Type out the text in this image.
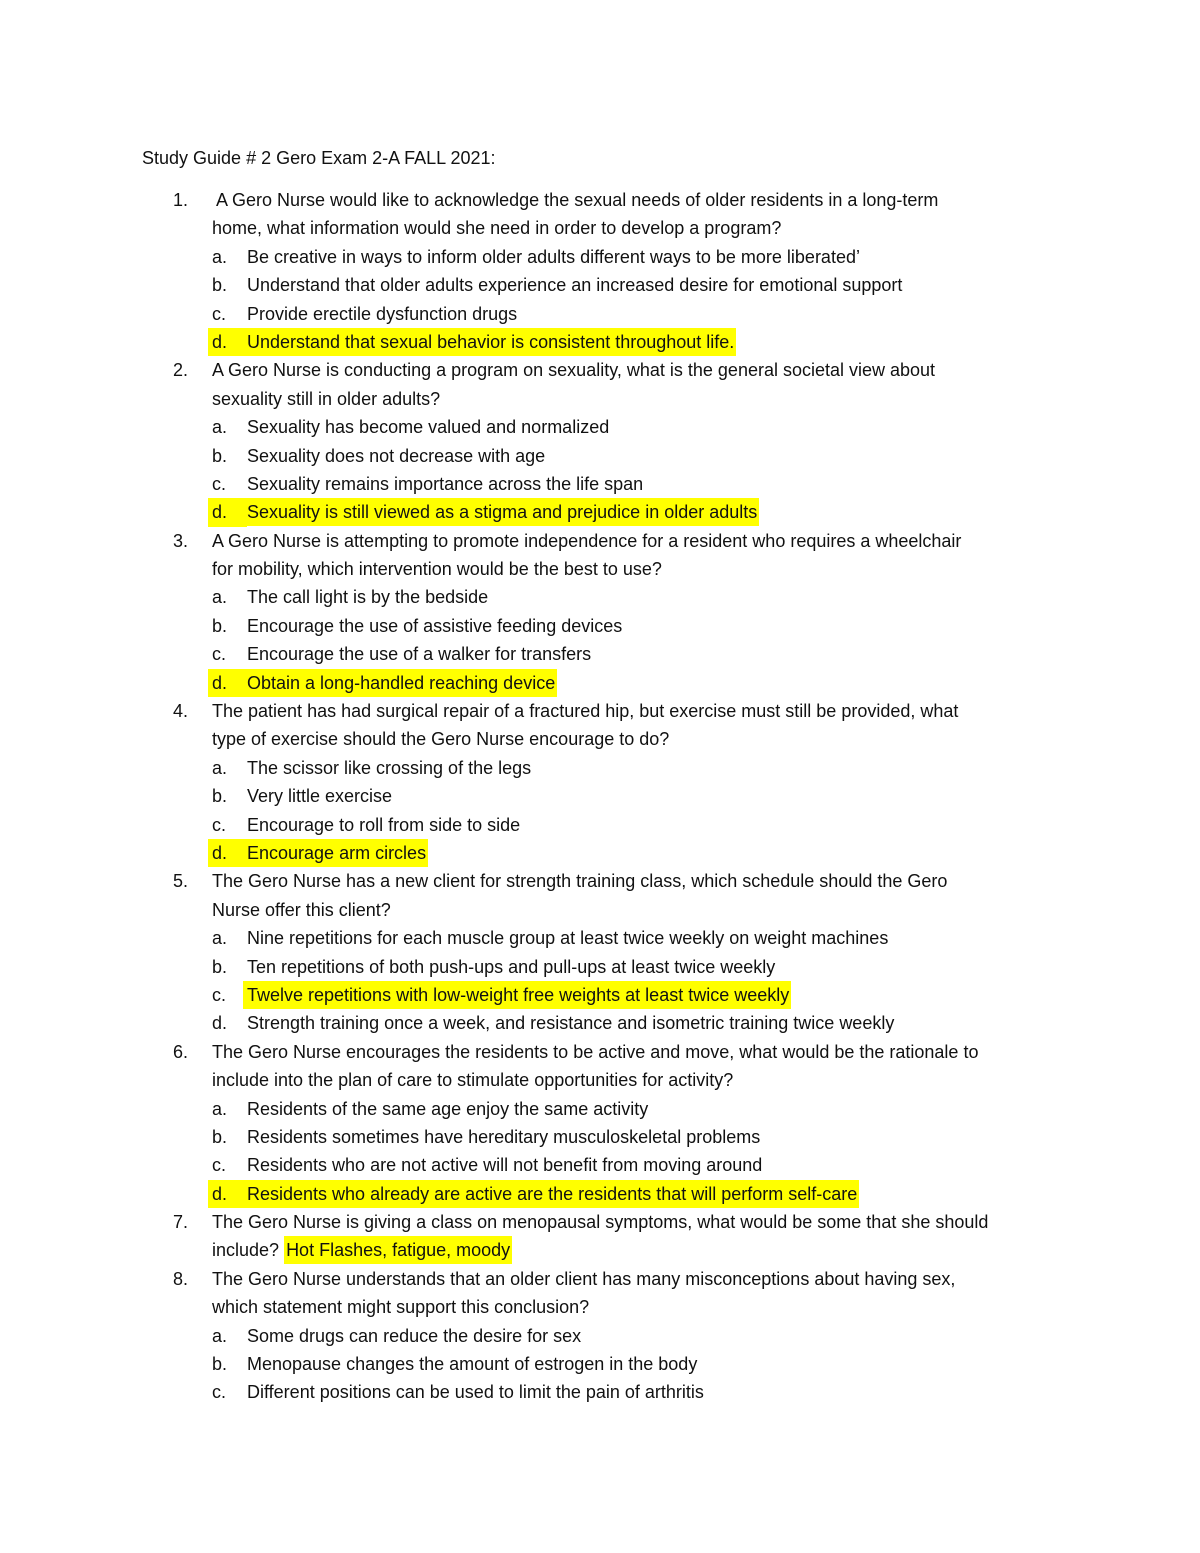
Study Guide # 2 Gero Exam 2-A FALL 2021:
1.	A Gero Nurse would like to acknowledge the sexual needs of older residents in a long-term
home, what information would she need in order to develop a program?
a. Be creative in ways to inform older adults different ways to be more liberated’
b. Understand that older adults experience an increased desire for emotional support
c. Provide erectile dysfunction drugs
d.	Understand that sexual behavior is consistent throughout life.
2.	A Gero Nurse is conducting a program on sexuality, what is the general societal view about
sexuality still in older adults?
a. Sexuality has become valued and normalized
b. Sexuality does not decrease with age
c. Sexuality remains importance across the life span
d.	Sexuality is still viewed as a stigma and prejudice in older adults
3.	A Gero Nurse is attempting to promote independence for a resident who requires a wheelchair
for mobility, which intervention would be the best to use?
a. The call light is by the bedside
b. Encourage the use of assistive feeding devices
c. Encourage the use of a walker for transfers
d.	Obtain a long-handled reaching device
4.	The patient has had surgical repair of a fractured hip, but exercise must still be provided, what
type of exercise should the Gero Nurse encourage to do?
a. The scissor like crossing of the legs
b. Very little exercise
c. Encourage to roll from side to side
d.	Encourage arm circles
5.	The Gero Nurse has a new client for strength training class, which schedule should the Gero
Nurse offer this client?
a. Nine repetitions for each muscle group at least twice weekly on weight machines
b. Ten repetitions of both push-ups and pull-ups at least twice weekly
c. Twelve repetitions with low-weight free weights at least twice weekly
d. Strength training once a week, and resistance and isometric training twice weekly
6.	The Gero Nurse encourages the residents to be active and move, what would be the rationale to
include into the plan of care to stimulate opportunities for activity?
a. Residents of the same age enjoy the same activity
b. Residents sometimes have hereditary musculoskeletal problems
c. Residents who are not active will not benefit from moving around
d.	Residents who already are active are the residents that will perform self-care
7.	The Gero Nurse is giving a class on menopausal symptoms, what would be some that she should
include? Hot Flashes, fatigue, moody
8.	The Gero Nurse understands that an older client has many misconceptions about having sex,
which statement might support this conclusion?
a. Some drugs can reduce the desire for sex
b. Menopause changes the amount of estrogen in the body
c. Different positions can be used to limit the pain of arthritis
